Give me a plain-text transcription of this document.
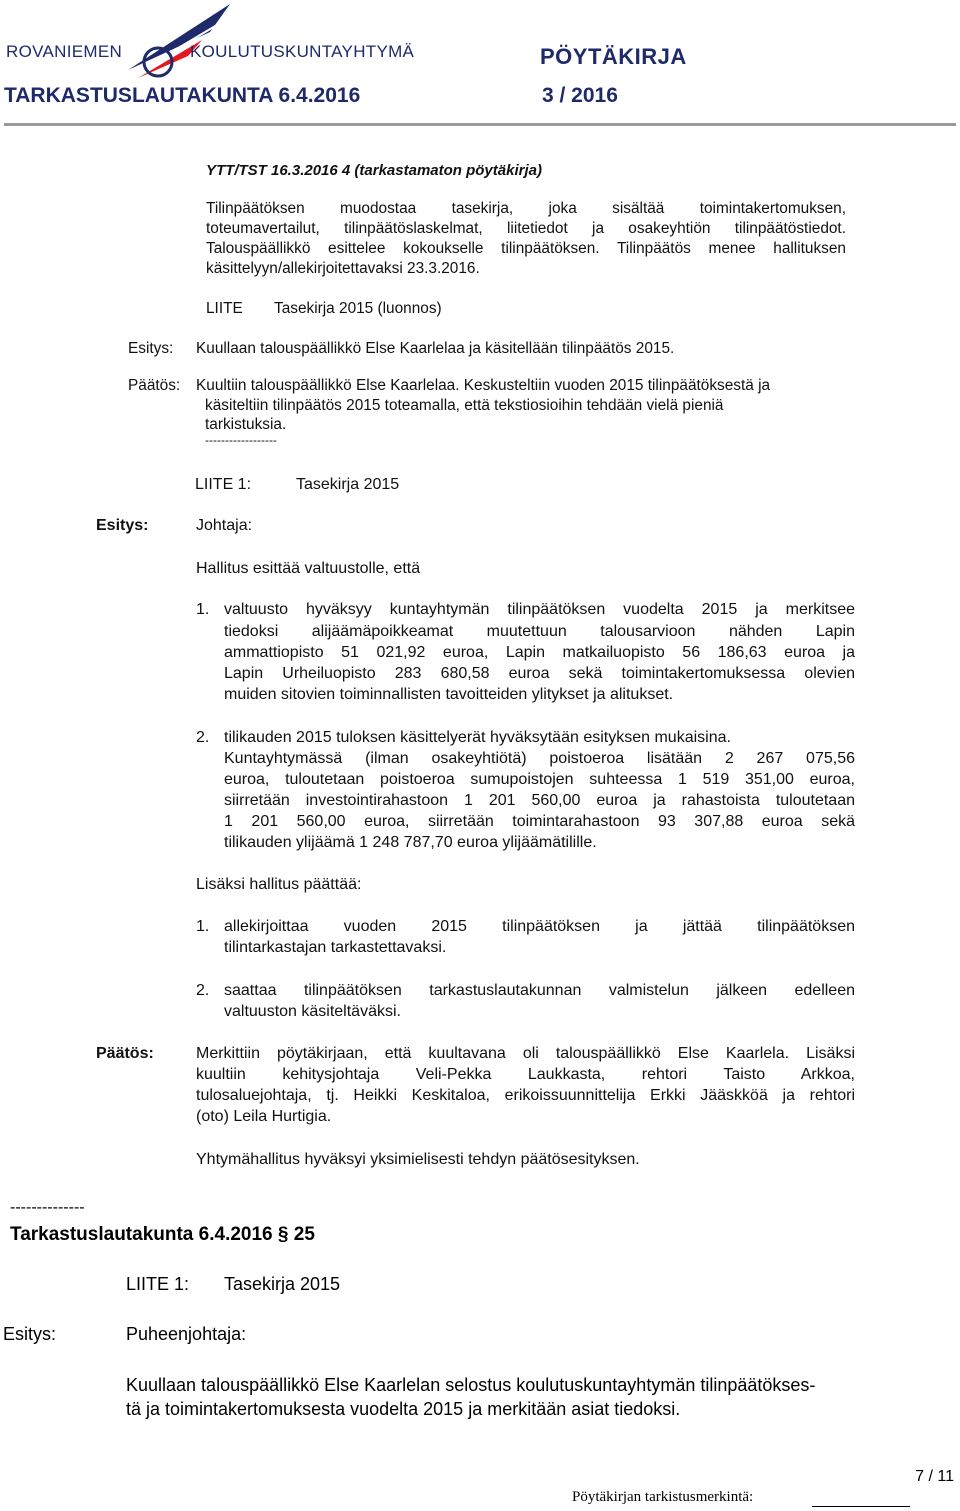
ROVANIEMEN	KOULUTUSKUNTAYHTYMÄ	PÖYTÄKIRJA
TARKASTUSLAUTAKUNTA 6.4.2016	3 / 2016
YTT/TST 16.3.2016 4 (tarkastamaton pöytäkirja)
Tilinpäätöksen muodostaa tasekirja, joka sisältää toimintakertomuksen,
toteumavertailut, tilinpäätöslaskelmat, liitetiedot ja osakeyhtiön tilinpäätöstiedot.
Talouspäällikkö esittelee kokoukselle tilinpäätöksen. Tilinpäätös menee hallituksen
käsittelyyn/allekirjoitettavaksi 23.3.2016.
LIITE Tasekirja 2015 (luonnos)
Esitys: Kuullaan talouspäällikkö Else Kaarlelaa ja käsitellään tilinpäätös 2015.
Päätös: Kuultiin talouspäällikkö Else Kaarlelaa. Keskusteltiin vuoden 2015 tilinpäätöksestä ja
käsiteltiin tilinpäätös 2015 toteamalla, että tekstiosioihin tehdään vielä pieniä
tarkistuksia.
------------------
LIITE 1:	Tasekirja 2015
Esitys:	Johtaja:
Hallitus esittää valtuustolle, että
1. valtuusto hyväksyy kuntayhtymän tilinpäätöksen vuodelta 2015 ja merkitsee
tiedoksi alijäämäpoikkeamat muutettuun talousarvioon nähden Lapin
ammattiopisto 51 021,92 euroa, Lapin matkailuopisto 56 186,63 euroa ja
Lapin Urheiluopisto 283 680,58 euroa sekä toimintakertomuksessa olevien
muiden sitovien toiminnallisten tavoitteiden ylitykset ja alitukset.
2. tilikauden 2015 tuloksen käsittelyerät hyväksytään esityksen mukaisina.
Kuntayhtymässä (ilman osakeyhtiötä) poistoeroa lisätään 2 267 075,56
euroa, tuloutetaan poistoeroa sumupoistojen suhteessa 1 519 351,00 euroa,
siirretään investointirahastoon 1 201 560,00 euroa ja rahastoista tuloutetaan
1 201 560,00 euroa, siirretään toimintarahastoon 93 307,88 euroa sekä
tilikauden ylijäämä 1 248 787,70 euroa ylijäämätilille.
Lisäksi hallitus päättää:
1. allekirjoittaa vuoden 2015 tilinpäätöksen ja jättää tilinpäätöksen
tilintarkastajan tarkastettavaksi.
2. saattaa tilinpäätöksen tarkastuslautakunnan valmistelun jälkeen edelleen
valtuuston käsiteltäväksi.
Päätös:	Merkittiin pöytäkirjaan, että kuultavana oli talouspäällikkö Else Kaarlela. Lisäksi
kuultiin kehitysjohtaja Veli-Pekka Laukkasta, rehtori Taisto Arkkoa,
tulosaluejohtaja, tj. Heikki Keskitaloa, erikoissuunnittelija Erkki Jääskköä ja rehtori
(oto) Leila Hurtigia.
Yhtymähallitus hyväksyi yksimielisesti tehdyn päätösesityksen.
--------------
Tarkastuslautakunta 6.4.2016 § 25
LIITE 1: Tasekirja 2015
Esitys:	Puheenjohtaja:
Kuullaan talouspäällikkö Else Kaarlelan selostus koulutuskuntayhtymän tilinpäätökses-
tä ja toimintakertomuksesta vuodelta 2015 ja merkitään asiat tiedoksi.
7 / 11
Pöytäkirjan tarkistusmerkintä:
